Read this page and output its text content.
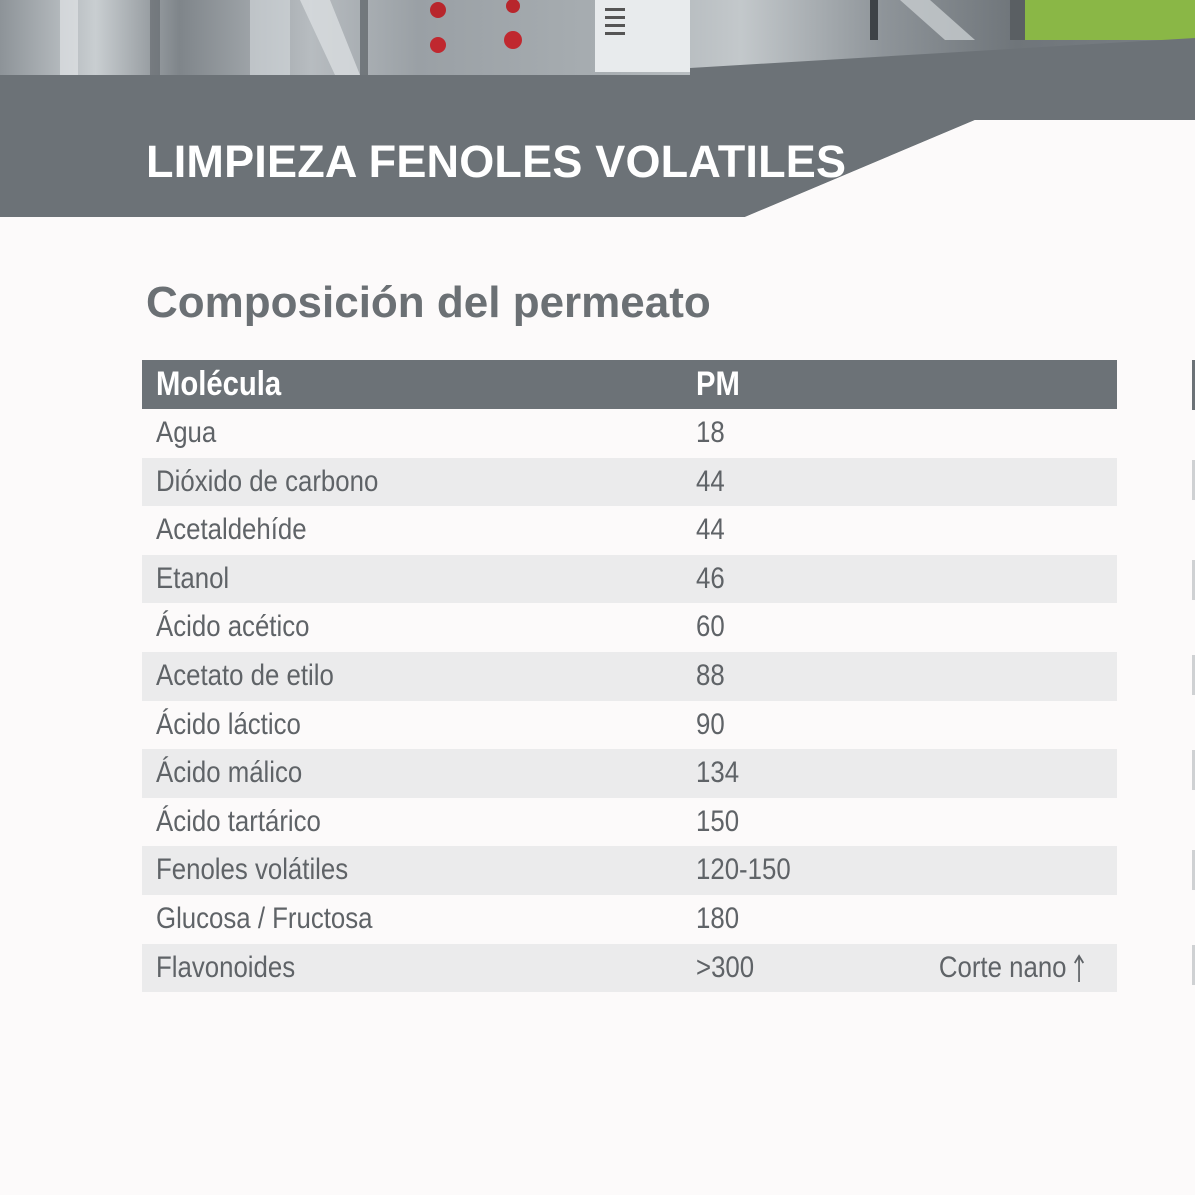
LIMPIEZA FENOLES VOLATILES
Composición del permeato
Molécula	PM
Agua	18
Dióxido de carbono	44
Acetaldehíde	44
Etanol	46
Ácido acético	60
Acetato de etilo	88
Ácido láctico	90
Ácido málico	134
Ácido tartárico	150
Fenoles volátiles	120-150
Glucosa / Fructosa	180
Flavonoides	>300	Corte nano
